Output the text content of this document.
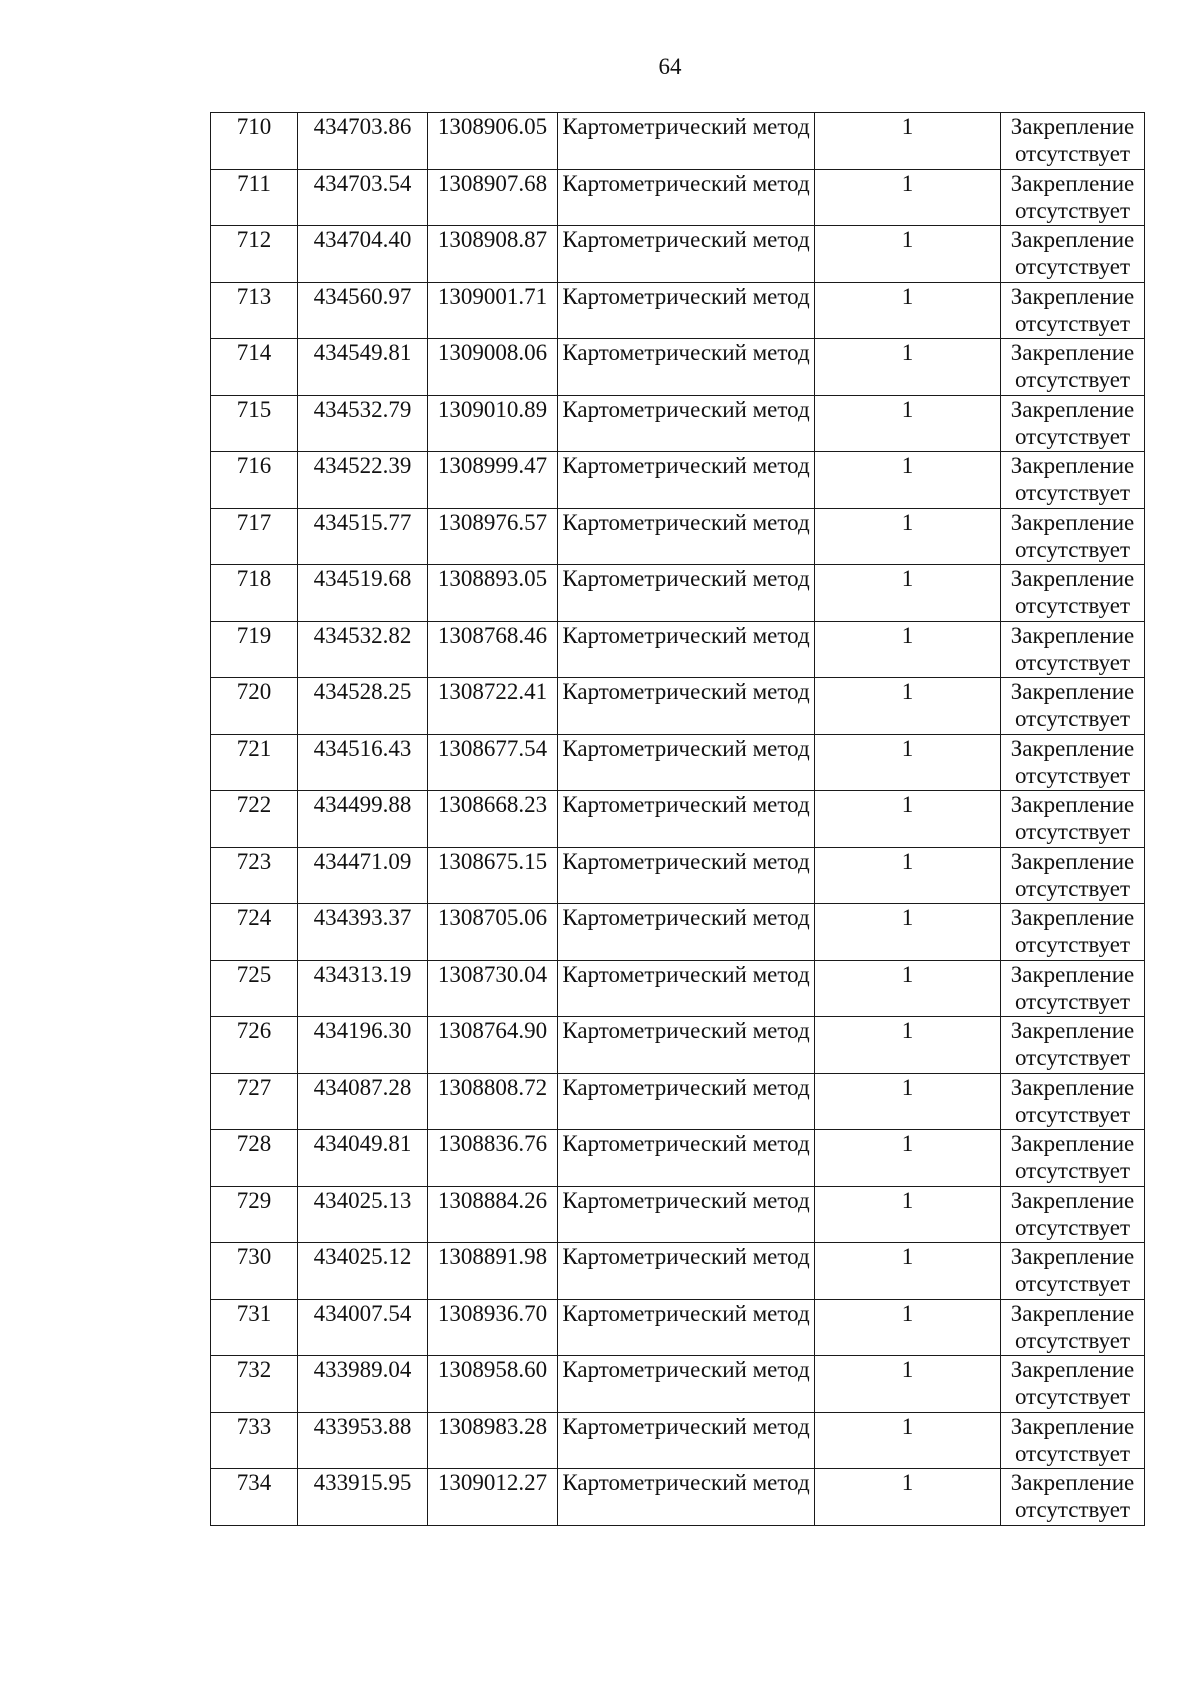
64
710	434703.86	1308906.05	Картометрический метод	1	Закрепление отсутствует

711	434703.54	1308907.68	Картометрический метод	1	Закрепление отсутствует

712	434704.40	1308908.87	Картометрический метод	1	Закрепление отсутствует

713	434560.97	1309001.71	Картометрический метод	1	Закрепление отсутствует

714	434549.81	1309008.06	Картометрический метод	1	Закрепление отсутствует

715	434532.79	1309010.89	Картометрический метод	1	Закрепление отсутствует

716	434522.39	1308999.47	Картометрический метод	1	Закрепление отсутствует

717	434515.77	1308976.57	Картометрический метод	1	Закрепление отсутствует

718	434519.68	1308893.05	Картометрический метод	1	Закрепление отсутствует

719	434532.82	1308768.46	Картометрический метод	1	Закрепление отсутствует

720	434528.25	1308722.41	Картометрический метод	1	Закрепление отсутствует

721	434516.43	1308677.54	Картометрический метод	1	Закрепление отсутствует

722	434499.88	1308668.23	Картометрический метод	1	Закрепление отсутствует

723	434471.09	1308675.15	Картометрический метод	1	Закрепление отсутствует

724	434393.37	1308705.06	Картометрический метод	1	Закрепление отсутствует

725	434313.19	1308730.04	Картометрический метод	1	Закрепление отсутствует

726	434196.30	1308764.90	Картометрический метод	1	Закрепление отсутствует

727	434087.28	1308808.72	Картометрический метод	1	Закрепление отсутствует

728	434049.81	1308836.76	Картометрический метод	1	Закрепление отсутствует

729	434025.13	1308884.26	Картометрический метод	1	Закрепление отсутствует

730	434025.12	1308891.98	Картометрический метод	1	Закрепление отсутствует

731	434007.54	1308936.70	Картометрический метод	1	Закрепление отсутствует

732	433989.04	1308958.60	Картометрический метод	1	Закрепление отсутствует

733	433953.88	1308983.28	Картометрический метод	1	Закрепление отсутствует

734	433915.95	1309012.27	Картометрический метод	1	Закрепление отсутствует
